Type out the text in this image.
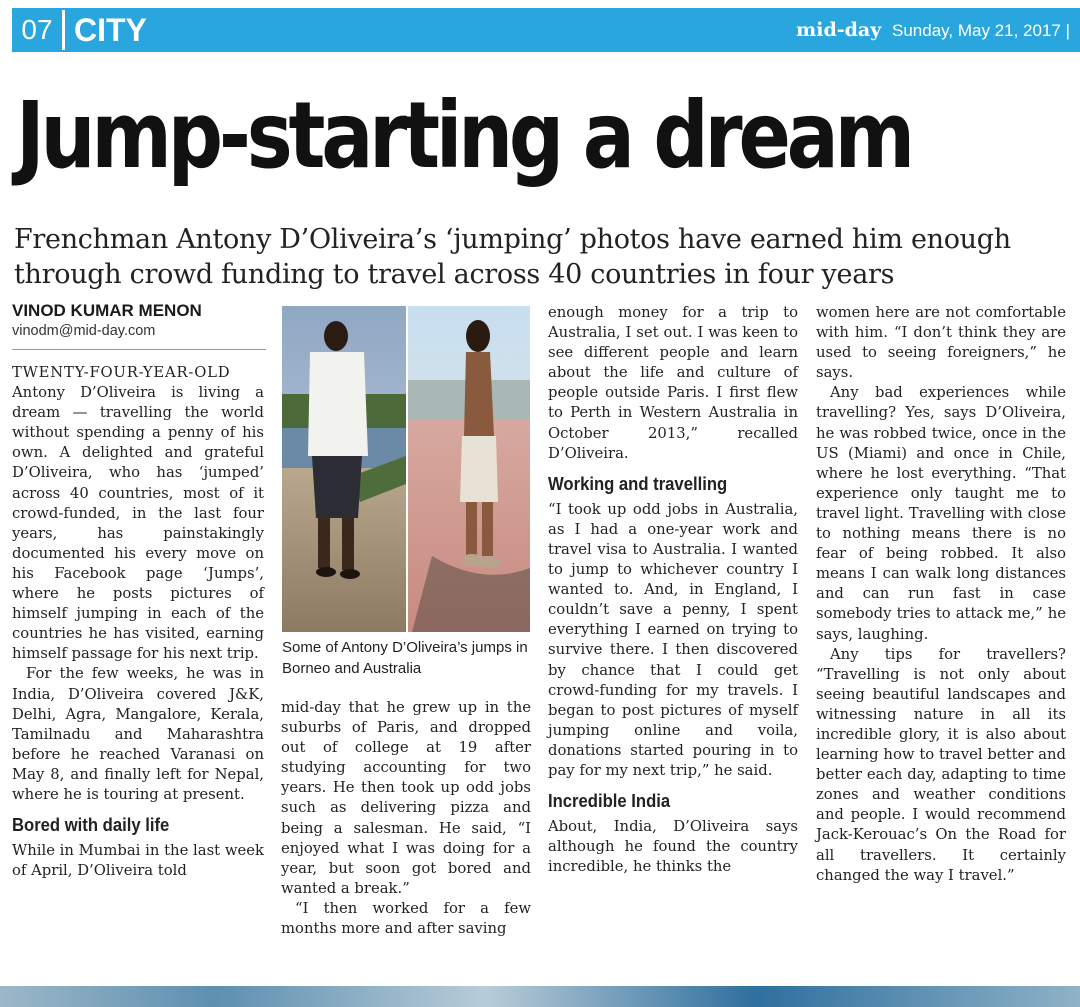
07 CITY	mid-day Sunday, May 21, 2017 |
Jump-starting a dream
Frenchman Antony D’Oliveira’s ‘jumping’ photos have earned him enough through crowd funding to travel across 40 countries in four years
VINOD KUMAR MENON
vinodm@mid-day.com

TWENTY-FOUR-YEAR-OLD Antony D’Oliveira is living a dream — travelling the world without spending a penny of his own. A delighted and grateful D’Oliveira, who has ‘jumped’ across 40 countries, most of it crowd-funded, in the last four years, has painstakingly documented his every move on his Facebook page ‘Jumps’, where he posts pictures of himself jumping in each of the countries he has visited, earning himself passage for his next trip.

For the few weeks, he was in India, D’Oliveira covered J&K, Delhi, Agra, Mangalore, Kerala, Tamilnadu and Maharashtra before he reached Varanasi on May 8, and finally left for Nepal, where he is touring at present.

Bored with daily life

While in Mumbai in the last week of April, D’Oliveira told

Some of Antony D’Oliveira’s jumps in Borneo and Australia

mid-day that he grew up in the suburbs of Paris, and dropped out of college at 19 after studying accounting for two years. He then took up odd jobs such as delivering pizza and being a salesman. He said, “I enjoyed what I was doing for a year, but soon got bored and wanted a break.”

“I then worked for a few months more and after saving

enough money for a trip to Australia, I set out. I was keen to see different people and learn about the life and culture of people outside Paris. I first flew to Perth in Western Australia in October 2013,” recalled D’Oliveira.

Working and travelling

“I took up odd jobs in Australia, as I had a one-year work and travel visa to Australia. I wanted to jump to whichever country I wanted to. And, in England, I couldn’t save a penny, I spent everything I earned on trying to survive there. I then discovered by chance that I could get crowd-funding for my travels. I began to post pictures of myself jumping online and voila, donations started pouring in to pay for my next trip,” he said.

Incredible India

About, India, D’Oliveira says although he found the country incredible, he thinks the

women here are not comfortable with him. “I don’t think they are used to seeing foreigners,” he says.

Any bad experiences while travelling? Yes, says D’Oliveira, he was robbed twice, once in the US (Miami) and once in Chile, where he lost everything. “That experience only taught me to travel light. Travelling with close to nothing means there is no fear of being robbed. It also means I can walk long distances and can run fast in case somebody tries to attack me,” he says, laughing.

Any tips for travellers? “Travelling is not only about seeing beautiful landscapes and witnessing nature in all its incredible glory, it is also about learning how to travel better and better each day, adapting to time zones and weather conditions and people. I would recommend Jack-Kerouac’s On the Road for all travellers. It certainly changed the way I travel.”
